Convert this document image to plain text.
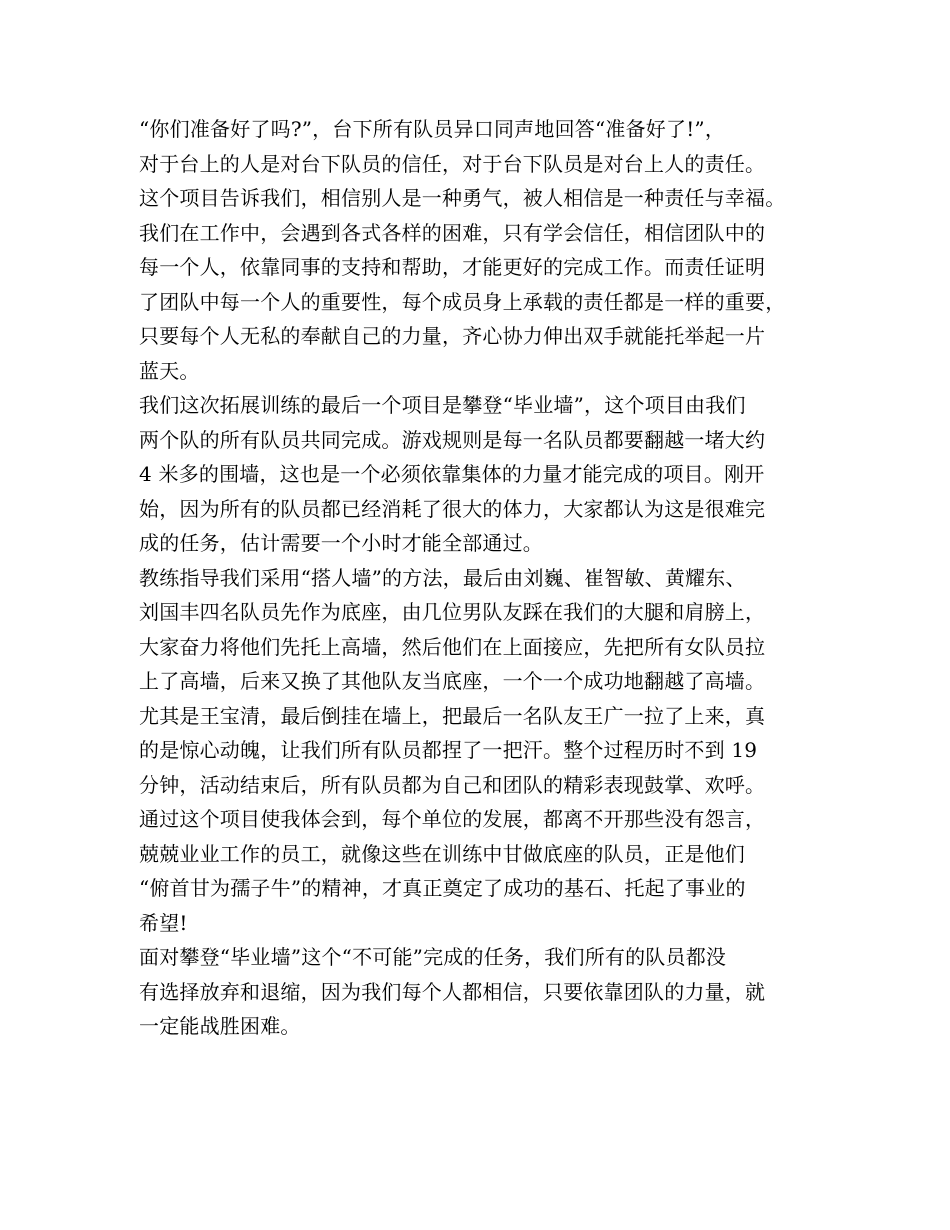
“你们准备好了吗?”，台下所有队员异口同声地回答“准备好了!”，
对于台上的人是对台下队员的信任，对于台下队员是对台上人的责任。
这个项目告诉我们，相信别人是一种勇气，被人相信是一种责任与幸福。
我们在工作中，会遇到各式各样的困难，只有学会信任，相信团队中的
每一个人，依靠同事的支持和帮助，才能更好的完成工作。而责任证明
了团队中每一个人的重要性，每个成员身上承载的责任都是一样的重要，
只要每个人无私的奉献自己的力量，齐心协力伸出双手就能托举起一片
蓝天。
我们这次拓展训练的最后一个项目是攀登“毕业墙”，这个项目由我们
两个队的所有队员共同完成。游戏规则是每一名队员都要翻越一堵大约
4 米多的围墙，这也是一个必须依靠集体的力量才能完成的项目。刚开
始，因为所有的队员都已经消耗了很大的体力，大家都认为这是很难完
成的任务，估计需要一个小时才能全部通过。
教练指导我们采用“搭人墙”的方法，最后由刘巍、崔智敏、黄耀东、
刘国丰四名队员先作为底座，由几位男队友踩在我们的大腿和肩膀上，
大家奋力将他们先托上高墙，然后他们在上面接应，先把所有女队员拉
上了高墙，后来又换了其他队友当底座，一个一个成功地翻越了高墙。
尤其是王宝清，最后倒挂在墙上，把最后一名队友王广一拉了上来，真
的是惊心动魄，让我们所有队员都捏了一把汗。整个过程历时不到 19
分钟，活动结束后，所有队员都为自己和团队的精彩表现鼓掌、欢呼。
通过这个项目使我体会到，每个单位的发展，都离不开那些没有怨言，
兢兢业业工作的员工，就像这些在训练中甘做底座的队员，正是他们
“俯首甘为孺子牛”的精神，才真正奠定了成功的基石、托起了事业的
希望!
面对攀登“毕业墙”这个“不可能”完成的任务，我们所有的队员都没
有选择放弃和退缩，因为我们每个人都相信，只要依靠团队的力量，就
一定能战胜困难。
